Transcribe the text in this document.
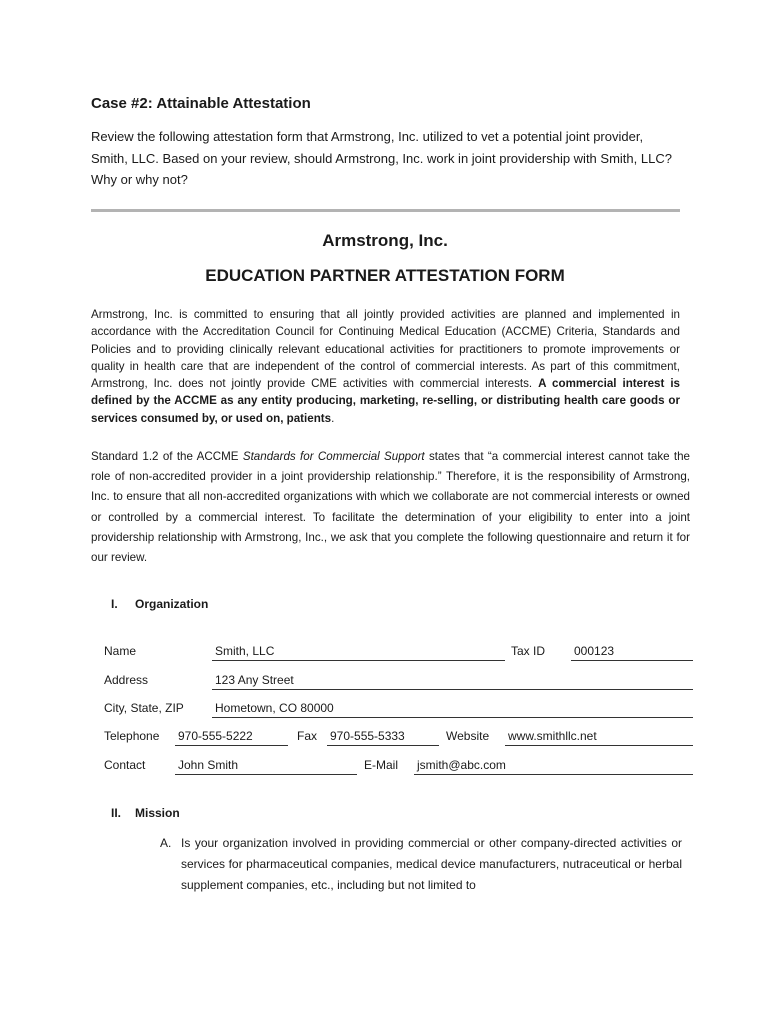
Case #2: Attainable Attestation
Review the following attestation form that Armstrong, Inc. utilized to vet a potential joint provider, Smith, LLC. Based on your review, should Armstrong, Inc. work in joint providership with Smith, LLC? Why or why not?
Armstrong, Inc.
EDUCATION PARTNER ATTESTATION FORM
Armstrong, Inc. is committed to ensuring that all jointly provided activities are planned and implemented in accordance with the Accreditation Council for Continuing Medical Education (ACCME) Criteria, Standards and Policies and to providing clinically relevant educational activities for practitioners to promote improvements or quality in health care that are independent of the control of commercial interests. As part of this commitment, Armstrong, Inc. does not jointly provide CME activities with commercial interests. A commercial interest is defined by the ACCME as any entity producing, marketing, re-selling, or distributing health care goods or services consumed by, or used on, patients.
Standard 1.2 of the ACCME Standards for Commercial Support states that “a commercial interest cannot take the role of non-accredited provider in a joint providership relationship.” Therefore, it is the responsibility of Armstrong, Inc. to ensure that all non-accredited organizations with which we collaborate are not commercial interests or owned or controlled by a commercial interest. To facilitate the determination of your eligibility to enter into a joint providership relationship with Armstrong, Inc., we ask that you complete the following questionnaire and return it for our review.
I. Organization
Name	Smith, LLC	Tax ID 000123
Address	123 Any Street
City, State, ZIP	Hometown, CO 80000
Telephone 970-555-5222	Fax 970-555-5333	Website www.smithllc.net
Contact	John Smith	E-Mail jsmith@abc.com
II. Mission
A. Is your organization involved in providing commercial or other company-directed activities or services for pharmaceutical companies, medical device manufacturers, nutraceutical or herbal supplement companies, etc., including but not limited to
